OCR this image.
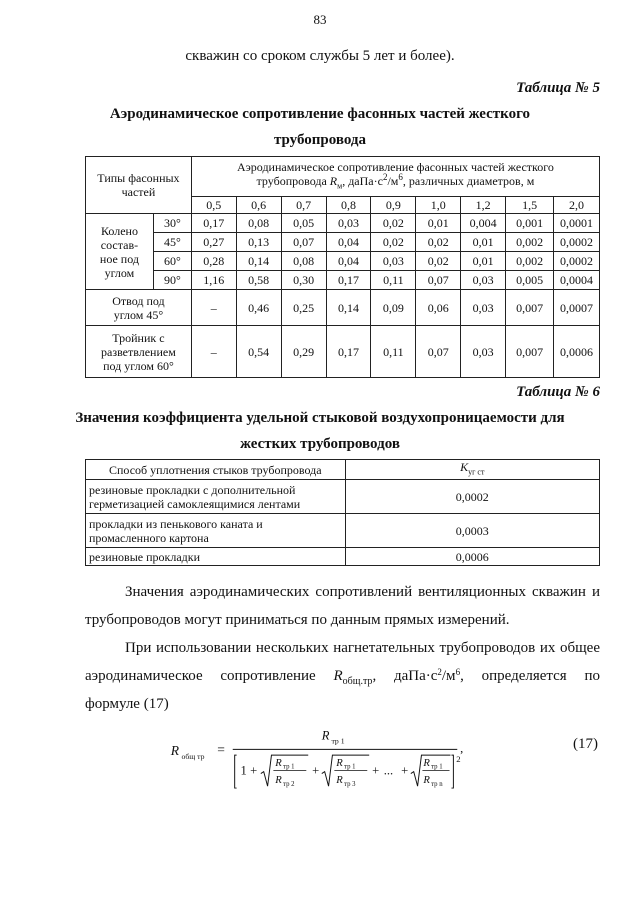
83
скважин со сроком службы 5 лет и более).
Таблица № 5
Аэродинамическое сопротивление фасонных частей жесткого
трубопровода
Типы фасонных частей		Аэродинамическое сопротивление фасонных частей жесткого
трубопровода $R_м$, $даПа\cdot с^2/м^6$, различных диаметров, м								

		0,5	0,6	0,7	0,8	0,9	1,0	1,2	1,5	2,0

Колено
состав-
ное под
углом	30°	0,17	0,08	0,05	0,03	0,02	0,01	0,004	0,001	0,0001
	45°	0,27	0,13	0,07	0,04	0,02	0,02	0,01	0,002	0,0002
	60°	0,28	0,14	0,08	0,04	0,03	0,02	0,01	0,002	0,0002
	90°	1,16	0,58	0,30	0,17	0,11	0,07	0,03	0,005	0,0004

Отвод под
углом 45°		–	0,46	0,25	0,14	0,09	0,06	0,03	0,007	0,0007

Тройник с
разветвлением
под углом 60°		–	0,54	0,29	0,17	0,11	0,07	0,03	0,007	0,0006
Таблица № 6
Значения коэффициента удельной стыковой воздухопроницаемости для
жестких трубопроводов
Способ уплотнения стыков трубопровода	$K_{уг ст}$

резиновые прокладки с дополнительной
герметизацией самоклеящимися лентами	0,0002

прокладки из пенькового каната и
промасленного картона	0,0003

резиновые прокладки	0,0006
Значения аэродинамических сопротивлений вентиляционных скважин и
трубопроводов могут приниматься по данным прямых измерений.
При использовании нескольких нагнетательных трубопроводов их общее
аэродинамическое сопротивление $R_{общ.тр}$, $даПа\cdot с^2/м^6$, определяется по
формуле (17)
R общ тр =
R тр 1
1 +
R тр 1
R тр 2
+
R тр 1
R тр 3
+ ... +
R тр 1
R тр n
2
,	(17)
